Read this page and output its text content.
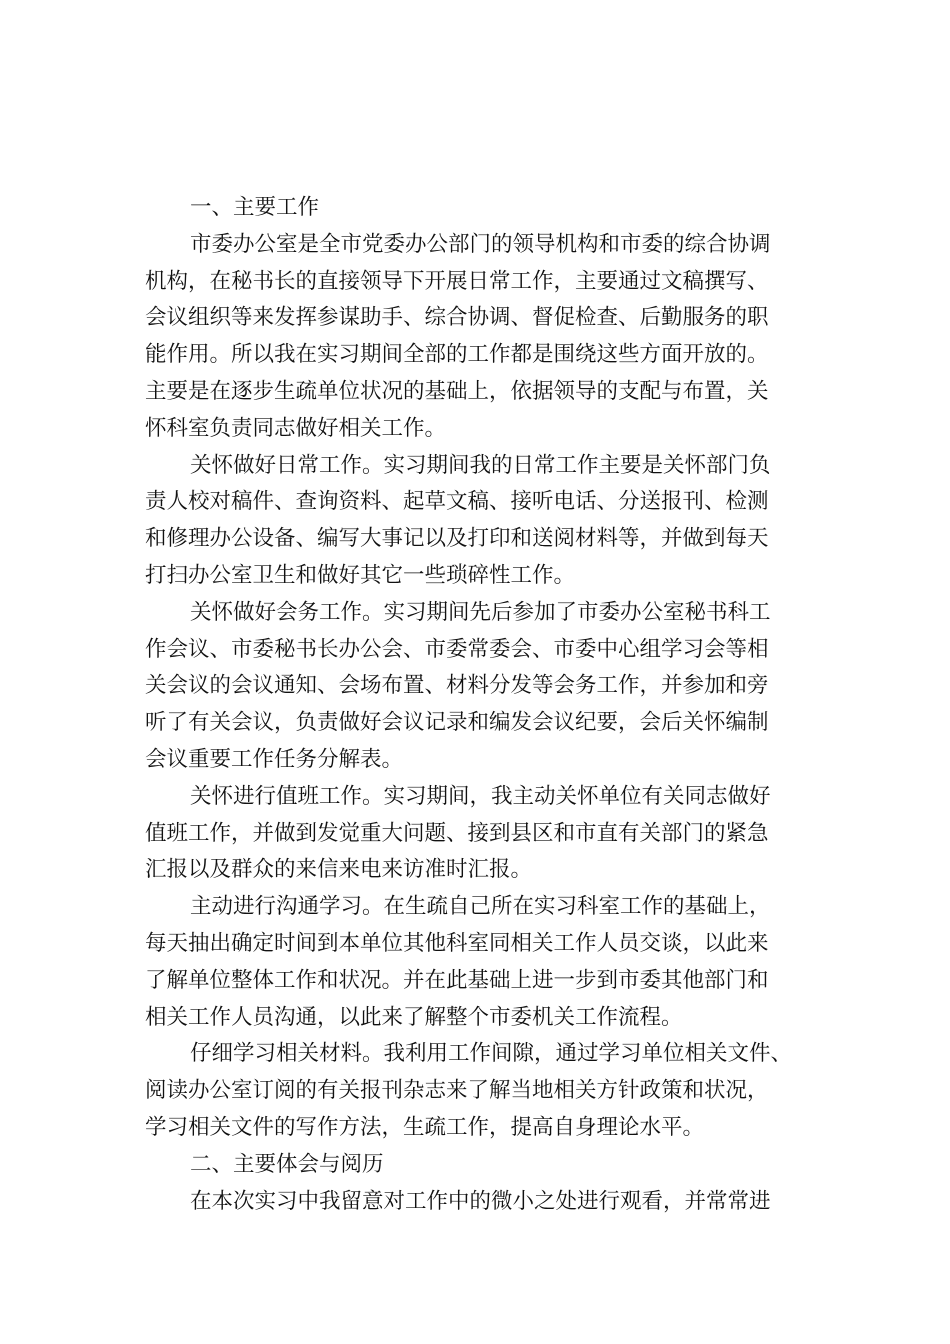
一、主要工作
市委办公室是全市党委办公部门的领导机构和市委的综合协调
机构，在秘书长的直接领导下开展日常工作，主要通过文稿撰写、
会议组织等来发挥参谋助手、综合协调、督促检查、后勤服务的职
能作用。所以我在实习期间全部的工作都是围绕这些方面开放的。
主要是在逐步生疏单位状况的基础上，依据领导的支配与布置，关
怀科室负责同志做好相关工作。
关怀做好日常工作。实习期间我的日常工作主要是关怀部门负
责人校对稿件、查询资料、起草文稿、接听电话、分送报刊、检测
和修理办公设备、编写大事记以及打印和送阅材料等，并做到每天
打扫办公室卫生和做好其它一些琐碎性工作。
关怀做好会务工作。实习期间先后参加了市委办公室秘书科工
作会议、市委秘书长办公会、市委常委会、市委中心组学习会等相
关会议的会议通知、会场布置、材料分发等会务工作，并参加和旁
听了有关会议，负责做好会议记录和编发会议纪要，会后关怀编制
会议重要工作任务分解表。
关怀进行值班工作。实习期间，我主动关怀单位有关同志做好
值班工作，并做到发觉重大问题、接到县区和市直有关部门的紧急
汇报以及群众的来信来电来访准时汇报。
主动进行沟通学习。在生疏自己所在实习科室工作的基础上，
每天抽出确定时间到本单位其他科室同相关工作人员交谈，以此来
了解单位整体工作和状况。并在此基础上进一步到市委其他部门和
相关工作人员沟通，以此来了解整个市委机关工作流程。
仔细学习相关材料。我利用工作间隙，通过学习单位相关文件、
阅读办公室订阅的有关报刊杂志来了解当地相关方针政策和状况，
学习相关文件的写作方法，生疏工作，提高自身理论水平。
二、主要体会与阅历
在本次实习中我留意对工作中的微小之处进行观看，并常常进
